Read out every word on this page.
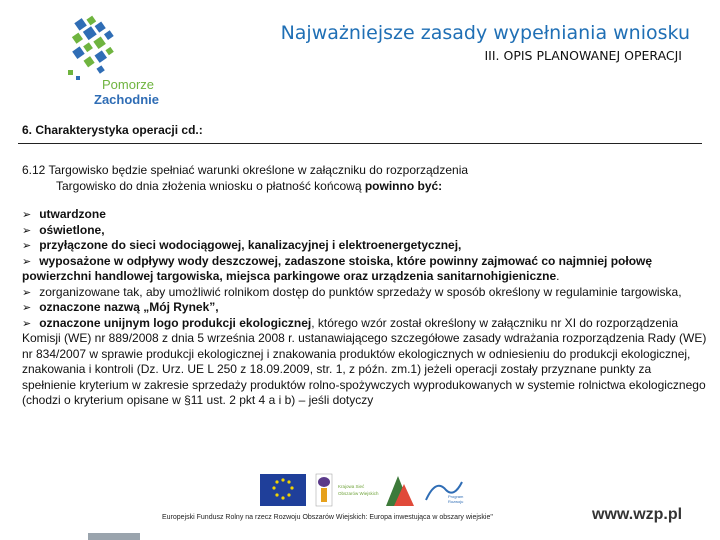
Pomorze
Zachodnie
Najważniejsze zasady wypełniania wniosku
III. OPIS PLANOWANEJ OPERACJI
6. Charakterystyka operacji cd.:
6.12 Targowisko będzie spełniać warunki określone w załączniku do rozporządzenia
Targowisko do dnia złożenia wniosku o płatność końcową powinno być:
➢ utwardzone
➢ oświetlone,
➢ przyłączone do sieci wodociągowej, kanalizacyjnej i elektroenergetycznej,
➢ wyposażone w odpływy wody deszczowej, zadaszone stoiska, które powinny zajmować co najmniej połowę powierzchni handlowej targowiska, miejsca parkingowe oraz urządzenia sanitarnohigieniczne.
➢ zorganizowane tak, aby umożliwić rolnikom dostęp do punktów sprzedaży w sposób określony w regulaminie targowiska,
➢ oznaczone nazwą „Mój Rynek”,
➢ oznaczone unijnym logo produkcji ekologicznej, którego wzór został określony w załączniku nr XI do rozporządzenia Komisji (WE) nr 889/2008 z dnia 5 września 2008 r. ustanawiającego szczegółowe zasady wdrażania rozporządzenia Rady (WE) nr 834/2007 w sprawie produkcji ekologicznej i znakowania produktów ekologicznych w odniesieniu do produkcji ekologicznej, znakowania i kontroli (Dz. Urz. UE L 250 z 18.09.2009, str. 1, z późn. zm.1) jeżeli operacji zostały przyznane punkty za spełnienie kryterium w zakresie sprzedaży produktów rolno-spożywczych wyprodukowanych w systemie rolnictwa ekologicznego (chodzi o kryterium opisane w §11 ust. 2 pkt 4 a i b) – jeśli dotyczy
Krajowa Sieć
Obszarów Wiejskich
Program
Rozwoju
Europejski Fundusz Rolny na rzecz Rozwoju Obszarów Wiejskich: Europa inwestująca w obszary wiejskie"	www.wzp.pl
